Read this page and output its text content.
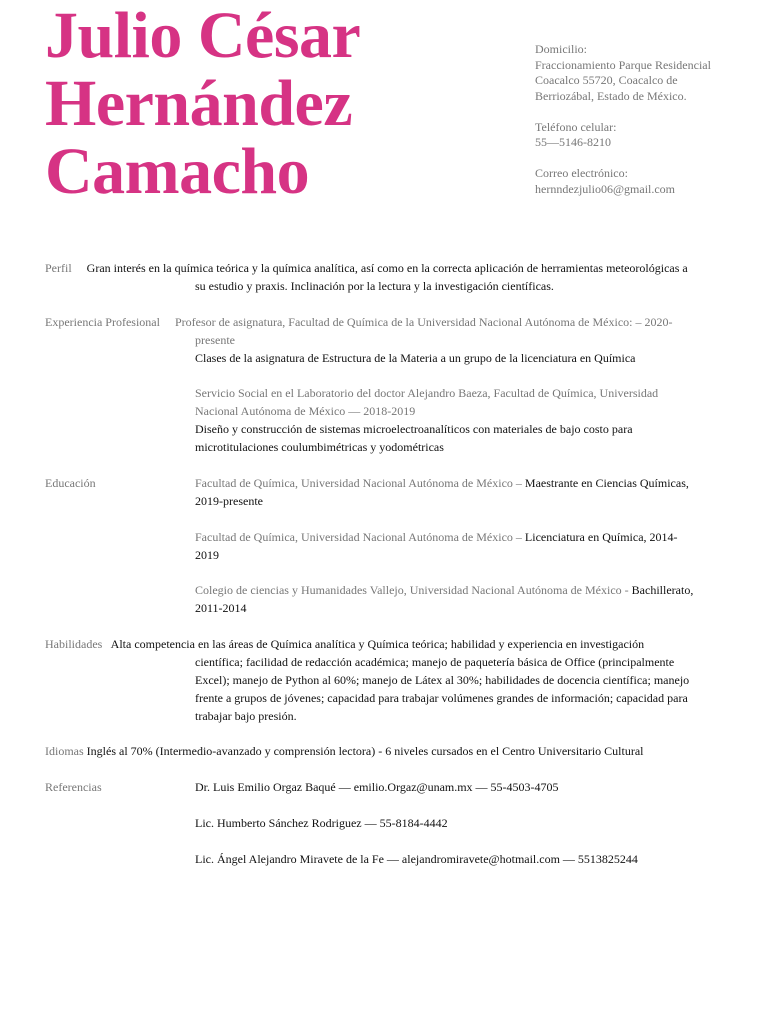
Julio César
Hernández
Camacho
Domicilio:
Fraccionamiento Parque Residencial
Coacalco 55720, Coacalco de
Berriozábal, Estado de México.
Teléfono celular:
55—5146-8210
Correo electrónico:
hernndezjulio06@gmail.com
Perfil Gran interés en la química teórica y la química analítica, así como en la correcta aplicación de herramientas meteorológicas a
su estudio y praxis. Inclinación por la lectura y la investigación científicas.
Experiencia Profesional Profesor de asignatura, Facultad de Química de la Universidad Nacional Autónoma de México: – 2020-
presente
Clases de la asignatura de Estructura de la Materia a un grupo de la licenciatura en Química
Servicio Social en el Laboratorio del doctor Alejandro Baeza, Facultad de Química, Universidad
Nacional Autónoma de México — 2018-2019
Diseño y construcción de sistemas microelectroanalíticos con materiales de bajo costo para
microtitulaciones coulumbimétricas y yodométricas
Educación	Facultad de Química, Universidad Nacional Autónoma de México – Maestrante en Ciencias Químicas,
2019-presente
Facultad de Química, Universidad Nacional Autónoma de México – Licenciatura en Química, 2014-
2019
Colegio de ciencias y Humanidades Vallejo, Universidad Nacional Autónoma de México - Bachillerato,
2011-2014
Habilidades Alta competencia en las áreas de Química analítica y Química teórica; habilidad y experiencia en investigación
científica; facilidad de redacción académica; manejo de paquetería básica de Office (principalmente
Excel); manejo de Python al 60%; manejo de Látex al 30%; habilidades de docencia científica; manejo
frente a grupos de jóvenes; capacidad para trabajar volúmenes grandes de información; capacidad para
trabajar bajo presión.
Idiomas Inglés al 70% (Intermedio-avanzado y comprensión lectora) - 6 niveles cursados en el Centro Universitario Cultural
Referencias	Dr. Luis Emilio Orgaz Baqué — emilio.Orgaz@unam.mx — 55-4503-4705
Lic. Humberto Sánchez Rodriguez — 55-8184-4442
Lic. Ángel Alejandro Miravete de la Fe — alejandromiravete@hotmail.com — 5513825244
